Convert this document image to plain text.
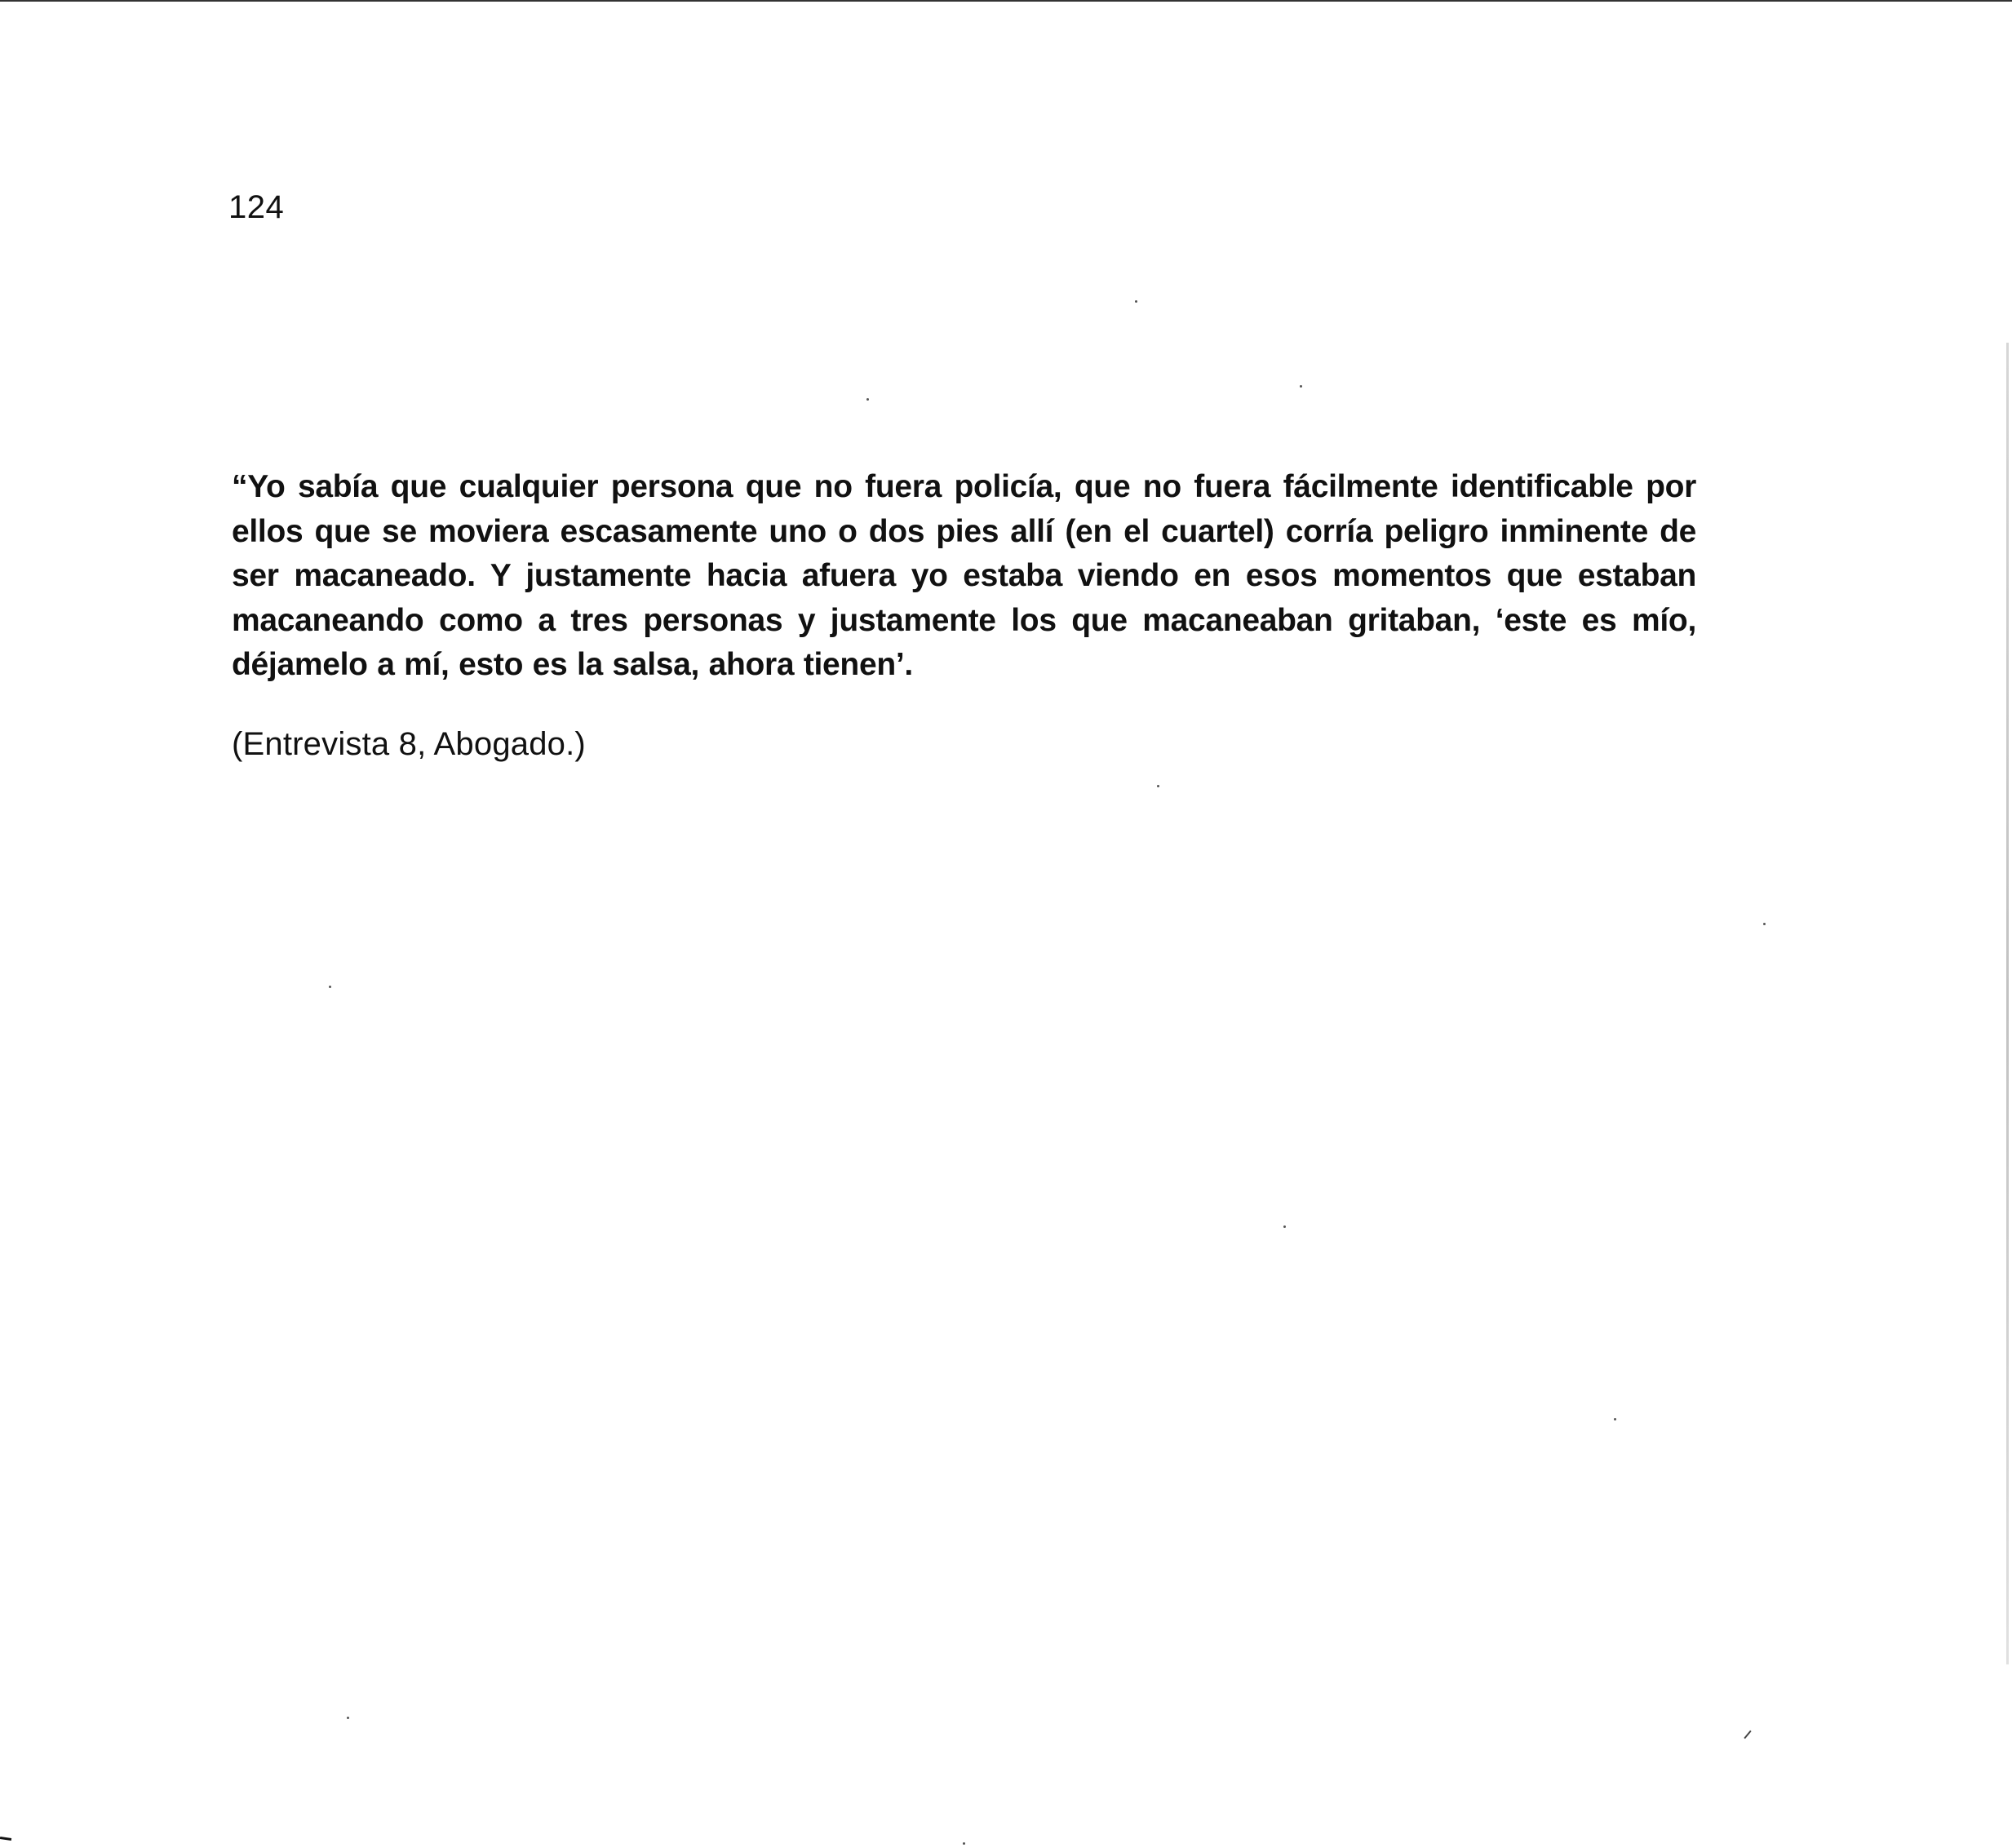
124

“Yo sabía que cualquier persona que no fuera policía, que no fuera fácilmente identificable por ellos que se moviera escasamente uno o dos pies allí (en el cuartel) corría peligro inminente de ser macaneado. Y justamente hacia afuera yo estaba viendo en esos momentos que estaban macaneando como a tres personas y justamente los que macaneaban gritaban, ‘este es mío, déjamelo a mí, esto es la salsa, ahora tienen’.

(Entrevista 8, Abogado.)
